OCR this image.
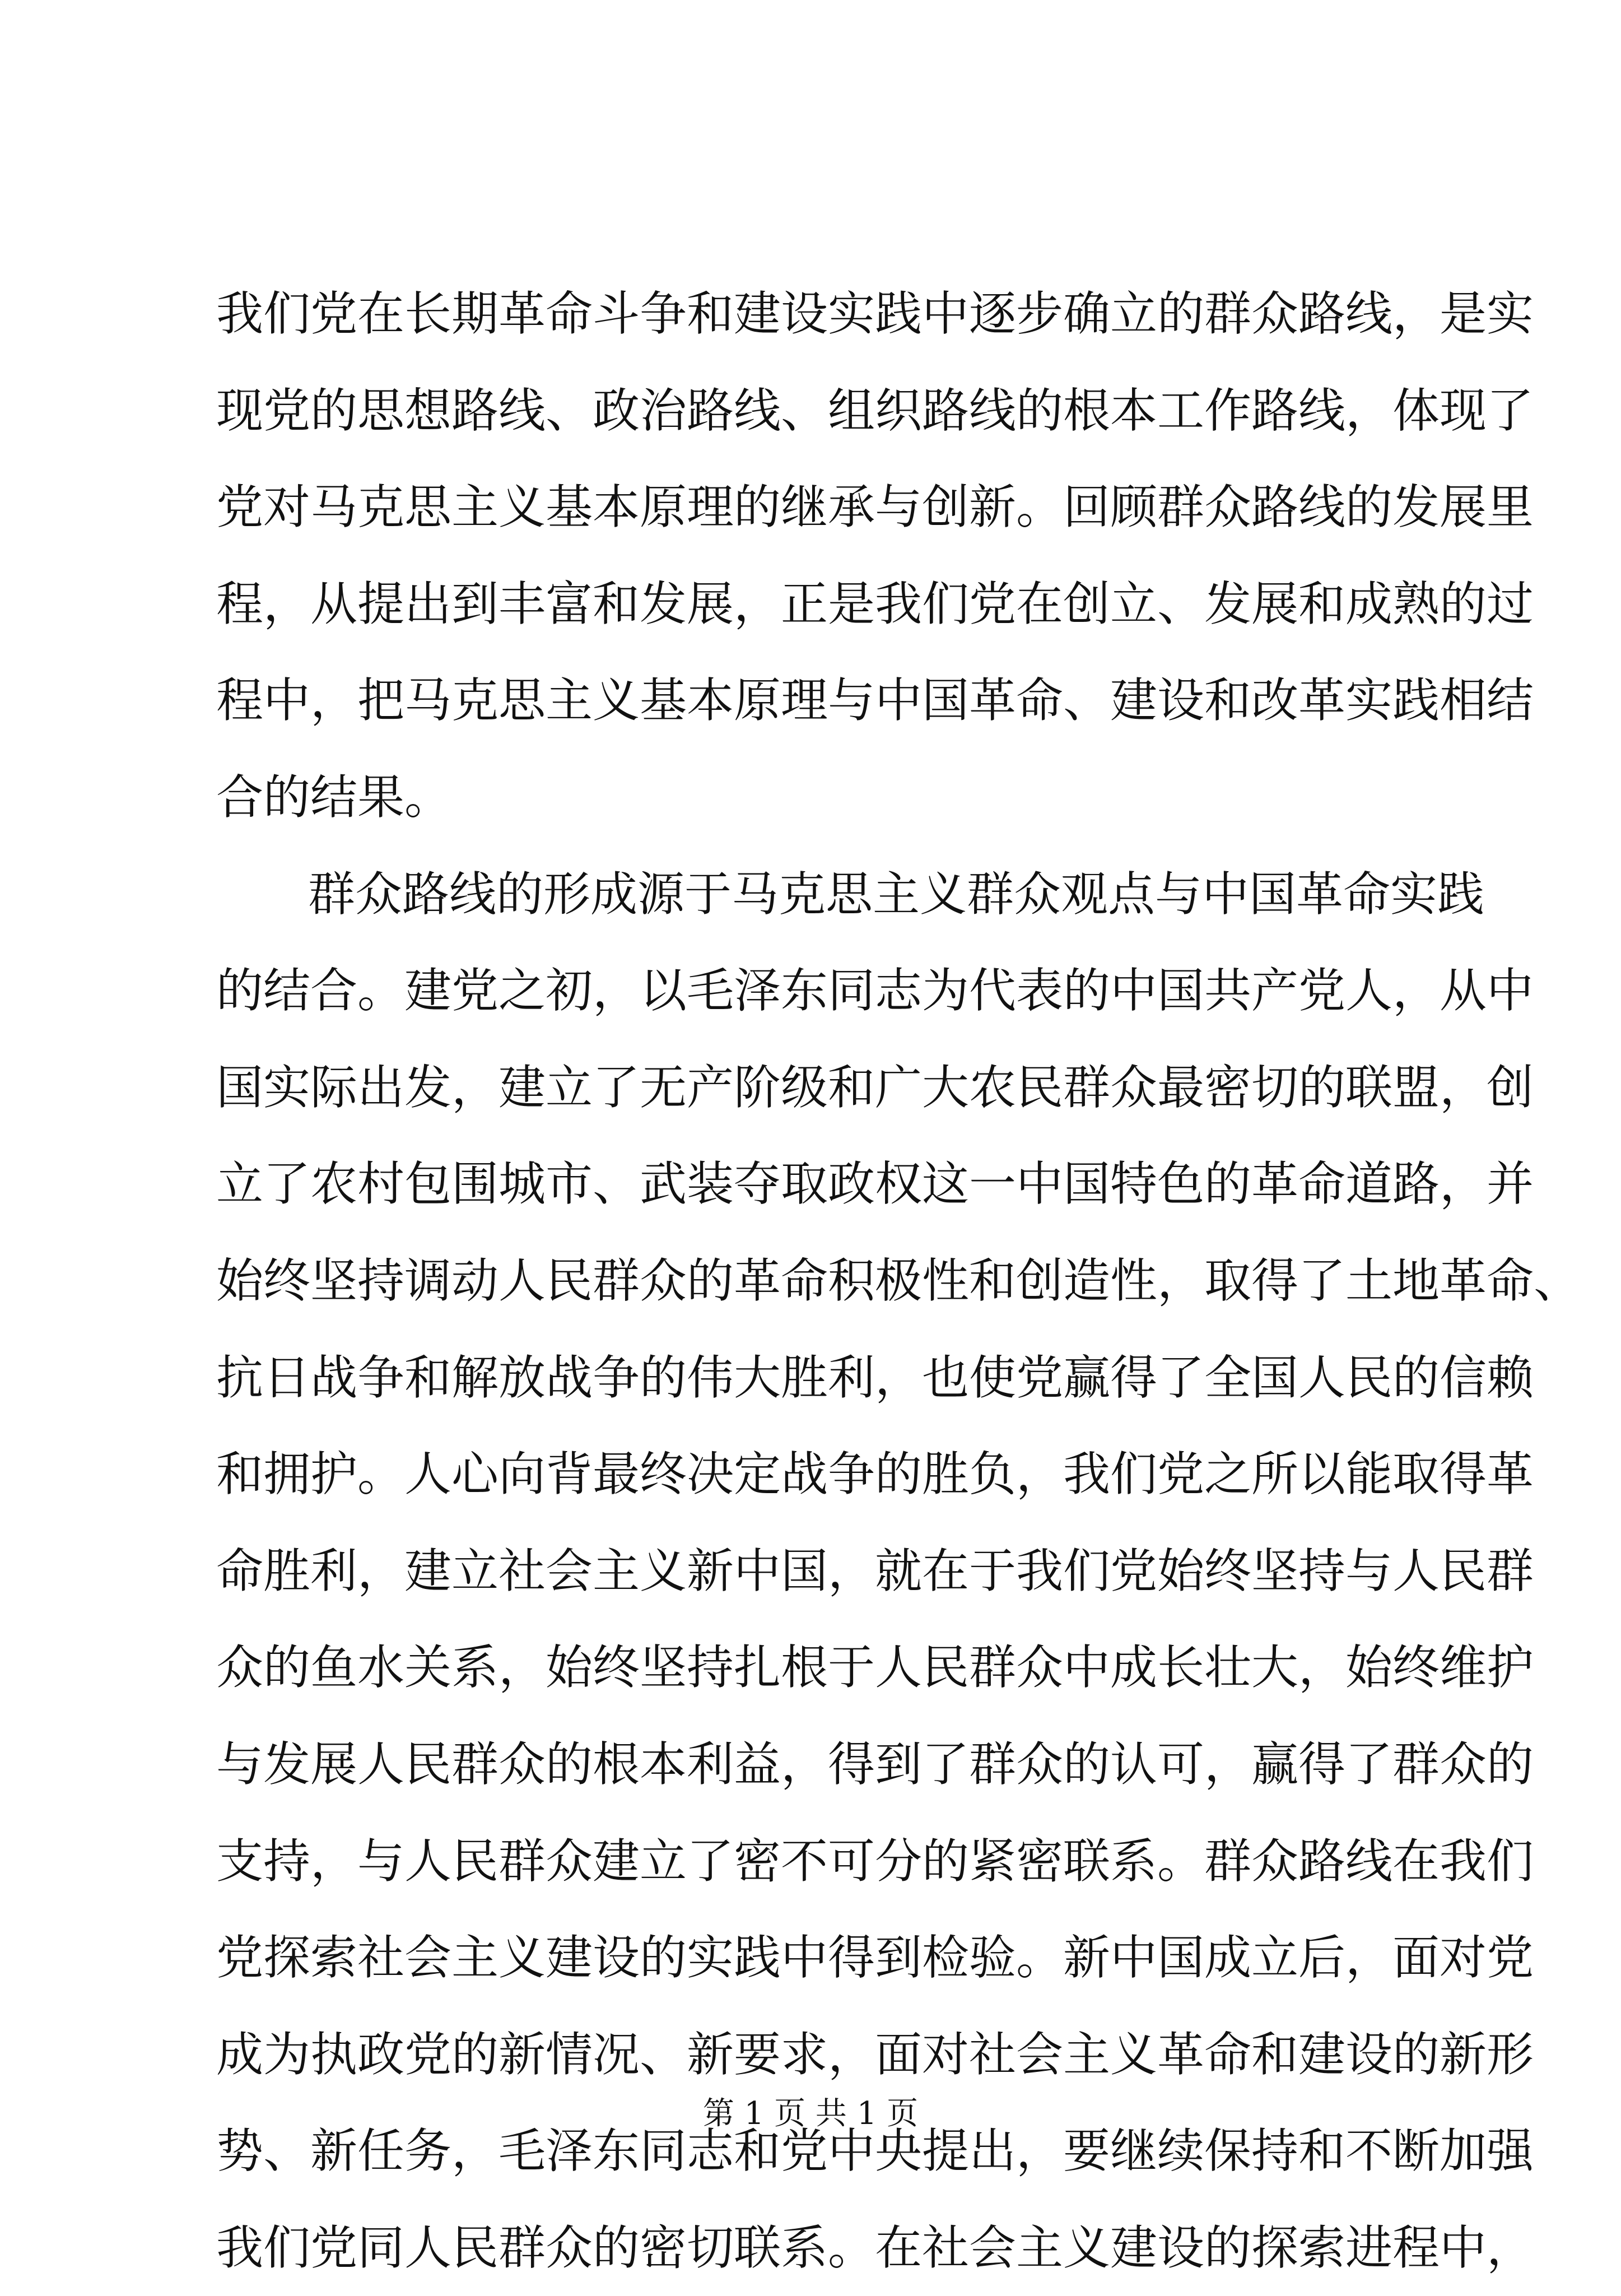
我们党在长期革命斗争和建设实践中逐步确立的群众路线，是实
现党的思想路线、政治路线、组织路线的根本工作路线，体现了
党对马克思主义基本原理的继承与创新。回顾群众路线的发展里
程，从提出到丰富和发展，正是我们党在创立、发展和成熟的过
程中，把马克思主义基本原理与中国革命、建设和改革实践相结
合的结果。
群众路线的形成源于马克思主义群众观点与中国革命实践
的结合。建党之初，以毛泽东同志为代表的中国共产党人，从中
国实际出发，建立了无产阶级和广大农民群众最密切的联盟，创
立了农村包围城市、武装夺取政权这一中国特色的革命道路，并
始终坚持调动人民群众的革命积极性和创造性，取得了土地革命、
抗日战争和解放战争的伟大胜利，也使党赢得了全国人民的信赖
和拥护。人心向背最终决定战争的胜负，我们党之所以能取得革
命胜利，建立社会主义新中国，就在于我们党始终坚持与人民群
众的鱼水关系，始终坚持扎根于人民群众中成长壮大，始终维护
与发展人民群众的根本利益，得到了群众的认可，赢得了群众的
支持，与人民群众建立了密不可分的紧密联系。群众路线在我们
党探索社会主义建设的实践中得到检验。新中国成立后，面对党
成为执政党的新情况、新要求，面对社会主义革命和建设的新形
势、新任务，毛泽东同志和党中央提出，要继续保持和不断加强
我们党同人民群众的密切联系。在社会主义建设的探索进程中，
第 1 页 共 1 页
